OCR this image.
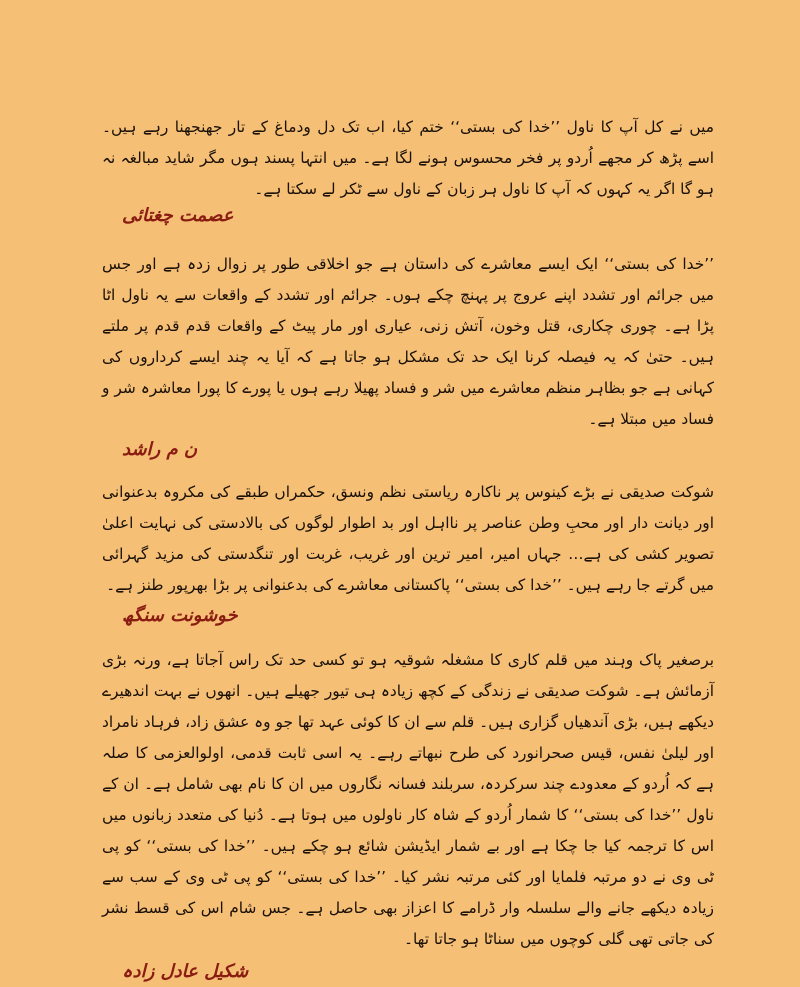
میں نے کل آپ کا ناول ’’خدا کی بستی‘‘ ختم کیا، اب تک دل ودماغ کے تار جھنجھنا رہے ہیں۔ اسے پڑھ کر مجھے اُردو پر فخر محسوس ہونے لگا ہے۔ میں انتہا پسند ہوں مگر شاید مبالغہ نہ ہو گا اگر یہ کہوں کہ آپ کا ناول ہر زبان کے ناول سے ٹکر لے سکتا ہے۔

عصمت چغتائی

’’خدا کی بستی‘‘ ایک ایسے معاشرے کی داستان ہے جو اخلاقی طور پر زوال زدہ ہے اور جس میں جرائم اور تشدد اپنے عروج پر پہنچ چکے ہوں۔ جرائم اور تشدد کے واقعات سے یہ ناول اٹا پڑا ہے۔ چوری چکاری، قتل وخون، آتش زنی، عیاری اور مار پیٹ کے واقعات قدم قدم پر ملتے ہیں۔ حتیٰ کہ یہ فیصلہ کرنا ایک حد تک مشکل ہو جاتا ہے کہ آیا یہ چند ایسے کرداروں کی کہانی ہے جو بظاہر منظم معاشرے میں شر و فساد پھیلا رہے ہوں یا پورے کا پورا معاشرہ شر و فساد میں مبتلا ہے۔

ن م راشد

شوکت صدیقی نے بڑے کینوس پر ناکارہ ریاستی نظم ونسق، حکمراں طبقے کی مکروہ بدعنوانی اور دیانت دار اور محبِ وطن عناصر پر نااہل اور بد اطوار لوگوں کی بالادستی کی نہایت اعلیٰ تصویر کشی کی ہے… جہاں امیر، امیر ترین اور غریب، غربت اور تنگدستی کی مزید گہرائی میں گرتے جا رہے ہیں۔ ’’خدا کی بستی‘‘ پاکستانی معاشرے کی بدعنوانی پر بڑا بھرپور طنز ہے۔

خوشونت سنگھ

برصغیر پاک وہند میں قلم کاری کا مشغلہ شوقیہ ہو تو کسی حد تک راس آجاتا ہے، ورنہ بڑی آزمائش ہے۔ شوکت صدیقی نے زندگی کے کچھ زیادہ ہی تیور جھیلے ہیں۔ انھوں نے بہت اندھیرے دیکھے ہیں، بڑی آندھیاں گزاری ہیں۔ قلم سے ان کا کوئی عہد تھا جو وہ عشق زاد، فرہاد نامراد اور لیلیٰ نفس، قیس صحرانورد کی طرح نبھاتے رہے۔ یہ اسی ثابت قدمی، اولوالعزمی کا صلہ ہے کہ اُردو کے معدودے چند سرکردہ، سربلند فسانہ نگاروں میں ان کا نام بھی شامل ہے۔ ان کے ناول ’’خدا کی بستی‘‘ کا شمار اُردو کے شاہ کار ناولوں میں ہوتا ہے۔ دُنیا کی متعدد زبانوں میں اس کا ترجمہ کیا جا چکا ہے اور بے شمار ایڈیشن شائع ہو چکے ہیں۔ ’’خدا کی بستی‘‘ کو پی ٹی وی نے دو مرتبہ فلمایا اور کئی مرتبہ نشر کیا۔ ’’خدا کی بستی‘‘ کو پی ٹی وی کے سب سے زیادہ دیکھے جانے والے سلسلہ وار ڈرامے کا اعزاز بھی حاصل ہے۔ جس شام اس کی قسط نشر کی جاتی تھی گلی کوچوں میں سناٹا ہو جاتا تھا۔

شکیل عادل زادہ
